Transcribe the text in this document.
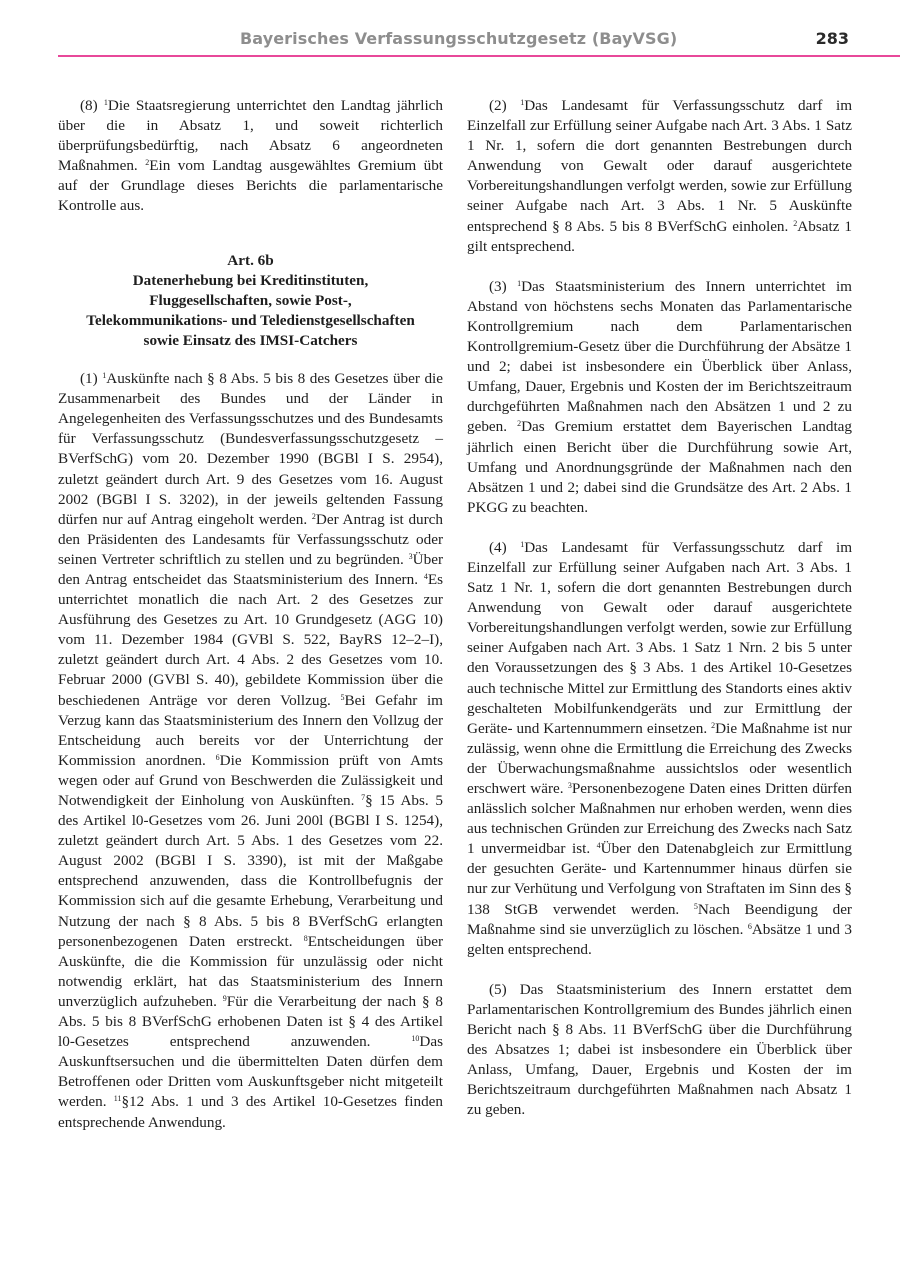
Bayerisches Verfassungsschutzgesetz (BayVSG)	283

(8) $^1$Die Staatsregierung unterrichtet den Landtag jährlich über die in Absatz 1, und soweit richterlich überprüfungsbedürftig, nach Absatz 6 angeordneten Maßnahmen. $^2$Ein vom Landtag ausgewähltes Gremium übt auf der Grundlage dieses Berichts die parlamentarische Kontrolle aus.

Art. 6b
Datenerhebung bei Kreditinstituten, Fluggesellschaften, sowie Post-, Telekommunikations- und Teledienstgesellschaften sowie Einsatz des IMSI-Catchers

(1) $^1$Auskünfte nach § 8 Abs. 5 bis 8 des Gesetzes über die Zusammenarbeit des Bundes und der Länder in Angelegenheiten des Verfassungsschutzes und des Bundesamts für Verfassungsschutz (Bundesverfassungsschutzgesetz – BVerfSchG) vom 20. Dezember 1990 (BGBl I S. 2954), zuletzt geändert durch Art. 9 des Gesetzes vom 16. August 2002 (BGBl I S. 3202), in der jeweils geltenden Fassung dürfen nur auf Antrag eingeholt werden. $^2$Der Antrag ist durch den Präsidenten des Landesamts für Verfassungsschutz oder seinen Vertreter schriftlich zu stellen und zu begründen. $^3$Über den Antrag entscheidet das Staatsministerium des Innern. $^4$Es unterrichtet monatlich die nach Art. 2 des Gesetzes zur Ausführung des Gesetzes zu Art. 10 Grundgesetz (AGG 10) vom 11. Dezember 1984 (GVBl S. 522, BayRS 12–2–I), zuletzt geändert durch Art. 4 Abs. 2 des Gesetzes vom 10. Februar 2000 (GVBl S. 40), gebildete Kommission über die beschiedenen Anträge vor deren Vollzug. $^5$Bei Gefahr im Verzug kann das Staatsministerium des Innern den Vollzug der Entscheidung auch bereits vor der Unterrichtung der Kommission anordnen. $^6$Die Kommission prüft von Amts wegen oder auf Grund von Beschwerden die Zulässigkeit und Notwendigkeit der Einholung von Auskünften. $^7$§ 15 Abs. 5 des Artikel l0-Gesetzes vom 26. Juni 200l (BGBl I S. 1254), zuletzt geändert durch Art. 5 Abs. 1 des Gesetzes vom 22. August 2002 (BGBl I S. 3390), ist mit der Maßgabe entsprechend anzuwenden, dass die Kontrollbefugnis der Kommission sich auf die gesamte Erhebung, Verarbeitung und Nutzung der nach § 8 Abs. 5 bis 8 BVerfSchG erlangten personenbezogenen Daten erstreckt. $^8$Entscheidungen über Auskünfte, die die Kommission für unzulässig oder nicht notwendig erklärt, hat das Staatsministerium des Innern unverzüglich aufzuheben. $^9$Für die Verarbeitung der nach § 8 Abs. 5 bis 8 BVerfSchG erhobenen Daten ist § 4 des Artikel l0-Gesetzes entsprechend anzuwenden.	$^{10}$Das Auskunftsersuchen und die übermittelten Daten dürfen dem Betroffenen oder Dritten vom Auskunftsgeber nicht mitgeteilt werden. $^{11}$§12 Abs. 1 und 3 des Artikel 10-Gesetzes finden entsprechende Anwendung.

(2) $^1$Das Landesamt für Verfassungsschutz darf im Einzelfall zur Erfüllung seiner Aufgabe nach Art. 3 Abs. 1 Satz 1 Nr. 1, sofern die dort genannten Bestrebungen durch Anwendung von Gewalt oder darauf ausgerichtete Vorbereitungshandlungen verfolgt werden, sowie zur Erfüllung seiner Aufgabe nach Art. 3 Abs. 1 Nr. 5 Auskünfte entsprechend § 8 Abs. 5 bis 8 BVerfSchG einholen. $^2$Absatz 1 gilt entsprechend.

(3) $^1$Das Staatsministerium des Innern unterrichtet im Abstand von höchstens sechs Monaten das Parlamentarische Kontrollgremium nach dem Parlamentarischen Kontrollgremium-Gesetz über die Durchführung der Absätze 1 und 2; dabei ist insbesondere ein Überblick über Anlass, Umfang, Dauer, Ergebnis und Kosten der im Berichtszeitraum durchgeführten Maßnahmen nach den Absätzen 1 und 2 zu geben. $^2$Das Gremium erstattet dem Bayerischen Landtag jährlich einen Bericht über die Durchführung sowie Art, Umfang und Anordnungsgründe der Maßnahmen nach den Absätzen 1 und 2; dabei sind die Grundsätze des Art. 2 Abs. 1 PKGG zu beachten.

(4) $^1$Das Landesamt für Verfassungsschutz darf im Einzelfall zur Erfüllung seiner Aufgaben nach Art. 3 Abs. 1 Satz 1 Nr. 1, sofern die dort genannten Bestrebungen durch Anwendung von Gewalt oder darauf ausgerichtete Vorbereitungshandlungen verfolgt werden, sowie zur Erfüllung seiner Aufgaben nach Art. 3 Abs. 1 Satz 1 Nrn. 2 bis 5 unter den Voraussetzungen des § 3 Abs. 1 des Artikel 10-Gesetzes auch technische Mittel zur Ermittlung des Standorts eines aktiv geschalteten Mobilfunkendgeräts und zur Ermittlung der Geräte- und Kartennummern einsetzen. $^2$Die Maßnahme ist nur zulässig, wenn ohne die Ermittlung die Erreichung des Zwecks der Überwachungsmaßnahme aussichtslos oder wesentlich erschwert wäre. $^3$Personenbezogene Daten eines Dritten dürfen anlässlich solcher Maßnahmen nur erhoben werden, wenn dies aus technischen Gründen zur Erreichung des Zwecks nach Satz 1 unvermeidbar ist. $^4$Über den Datenabgleich zur Ermittlung der gesuchten Geräte- und Kartennummer hinaus dürfen sie nur zur Verhütung und Verfolgung von Straftaten im Sinn des § 138 StGB verwendet werden. $^5$Nach Beendigung der Maßnahme sind sie unverzüglich zu löschen. $^6$Absätze 1 und 3 gelten entsprechend.

(5) Das Staatsministerium des Innern erstattet dem Parlamentarischen Kontrollgremium des Bundes jährlich einen Bericht nach § 8 Abs. 11 BVerfSchG über die Durchführung des Absatzes 1; dabei ist insbesondere ein Überblick über Anlass, Umfang, Dauer, Ergebnis und Kosten der im Berichtszeitraum durchgeführten Maßnahmen nach Absatz 1 zu geben.
